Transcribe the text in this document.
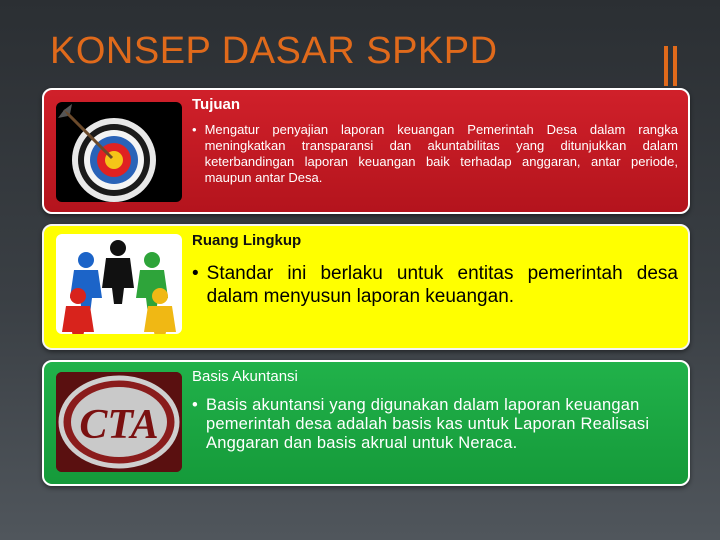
KONSEP DASAR SPKPD
Tujuan
• Mengatur penyajian laporan keuangan Pemerintah Desa dalam rangka meningkatkan transparansi dan akuntabilitas yang ditunjukkan dalam keterbandingan laporan keuangan baik terhadap anggaran, antar periode, maupun antar Desa.
Ruang Lingkup
• Standar ini berlaku untuk entitas pemerintah desa dalam menyusun laporan keuangan.
CTA
Basis Akuntansi
• Basis akuntansi yang digunakan dalam laporan keuangan pemerintah desa adalah basis kas untuk Laporan Realisasi Anggaran dan basis akrual untuk Neraca.
